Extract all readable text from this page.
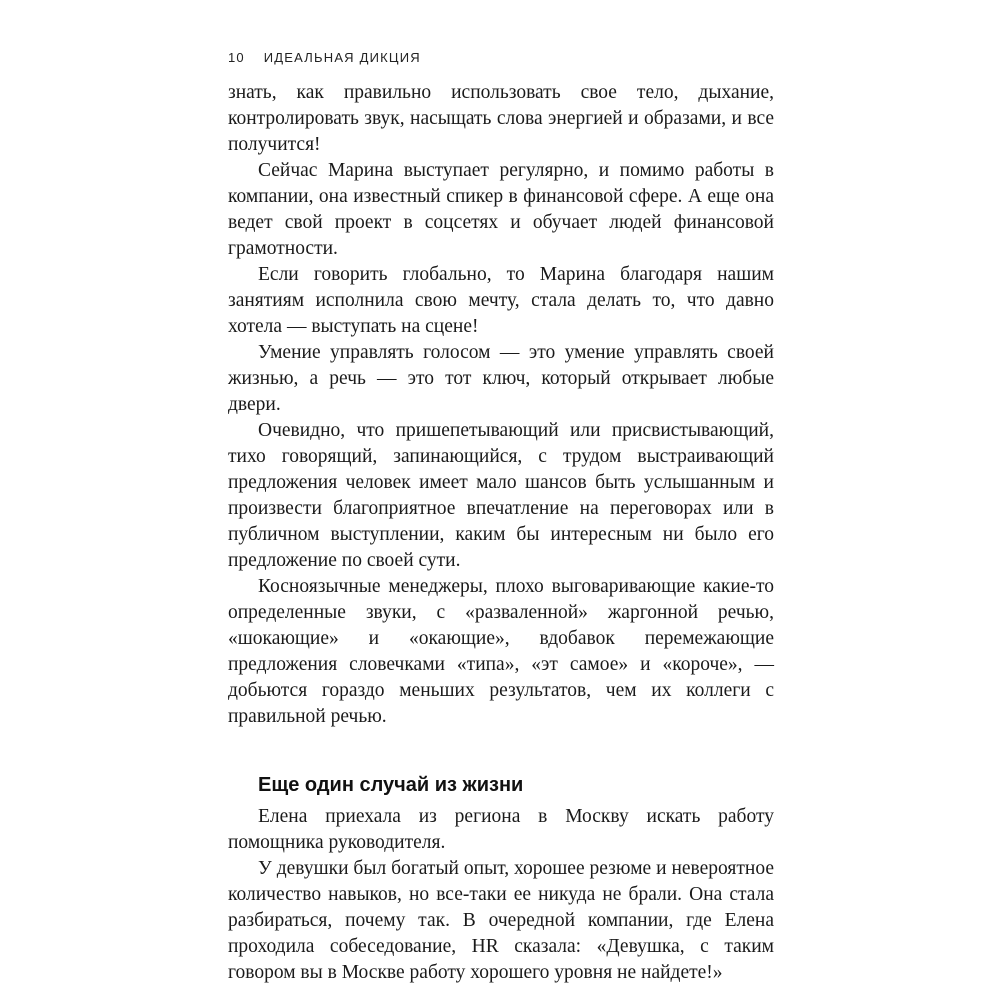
10 ИДЕАЛЬНАЯ ДИКЦИЯ

знать, как правильно использовать свое тело, дыхание, контролировать звук, насыщать слова энергией и образами, и все получится!

Сейчас Марина выступает регулярно, и помимо работы в компании, она известный спикер в финансовой сфере. А еще она ведет свой проект в соцсетях и обучает людей финансовой грамотности.

Если говорить глобально, то Марина благодаря нашим занятиям исполнила свою мечту, стала делать то, что давно хотела — выступать на сцене!

Умение управлять голосом — это умение управлять своей жизнью, а речь — это тот ключ, который открывает любые двери.

Очевидно, что пришепетывающий или присвистывающий, тихо говорящий, запинающийся, с трудом выстраивающий предложения человек имеет мало шансов быть услышанным и произвести благоприятное впечатление на переговорах или в публичном выступлении, каким бы интересным ни было его предложение по своей сути.

Косноязычные менеджеры, плохо выговаривающие какие-то определенные звуки, с «разваленной» жаргонной речью, «шокающие» и «окающие», вдобавок перемежающие предложения словечками «типа», «эт самое» и «короче», — добьются гораздо меньших результатов, чем их коллеги с правильной речью.

Еще один случай из жизни

Елена приехала из региона в Москву искать работу помощника руководителя.

У девушки был богатый опыт, хорошее резюме и невероятное количество навыков, но все-таки ее никуда не брали. Она стала разбираться, почему так. В очередной компании, где Елена проходила собеседование, HR сказала: «Девушка, с таким говором вы в Москве работу хорошего уровня не найдете!»
